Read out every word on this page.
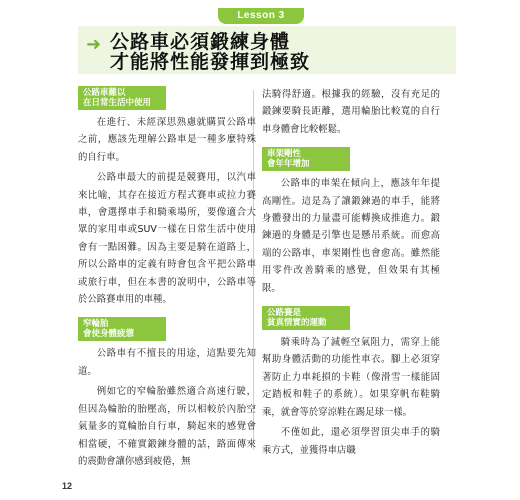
Lesson 3
➜ 公路車必須鍛練身體
才能將性能發揮到極致
公路車難以
在日常生活中使用

在進行、未經深思熟慮就購買公路車之前，應該先理解公路車是一種多麼特殊的自行車。

公路車最大的前提是競賽用，以汽車來比喻，其存在接近方程式賽車或拉力賽車，會選擇車手和騎乘場所，要像適合大眾的家用車或SUV一樣在日常生活中使用會有一點困難。因為主要是騎在道路上，所以公路車的定義有時會包含平把公路車或旅行車，但在本書的說明中，公路車等於公路賽車用的車種。

窄輪胎
會使身體疲憊

公路車有不擅長的用途，這點要先知道。

例如它的窄輪胎雖然適合高速行駛，但因為輪胎的胎壓高，所以相較於內胎空氣量多的寬輪胎自行車，騎起來的感覺會相當硬，不確實鍛鍊身體的話，路面傳來的震動會讓你感到疲倦，無

法騎得舒適。根據我的經驗，沒有充足的鍛鍊要騎長距離，選用輪胎比較寬的自行車身體會比較輕鬆。

車架剛性
會年年增加

公路車的車架在傾向上，應該年年提高剛性。這是為了讓鍛鍊過的車手，能將身體發出的力量盡可能轉換成推進力。鍛鍊過的身體是引擎也是懸吊系統。而愈高端的公路車，車架剛性也會愈高。雖然能用零件改善騎乘的感覺，但效果有其極限。

公路賽是
貧真情實的運動

騎乘時為了減輕空氣阻力，需穿上能幫助身體活動的功能性車衣。腳上必須穿著防止力車耗損的卡鞋（像滑雪一樣能固定踏板和鞋子的系統）。如果穿帆布鞋騎乘，就會等於穿涼鞋在踢足球一樣。

不僅如此，還必須學習頂尖車手的騎乘方式，並獲得車店職

12
